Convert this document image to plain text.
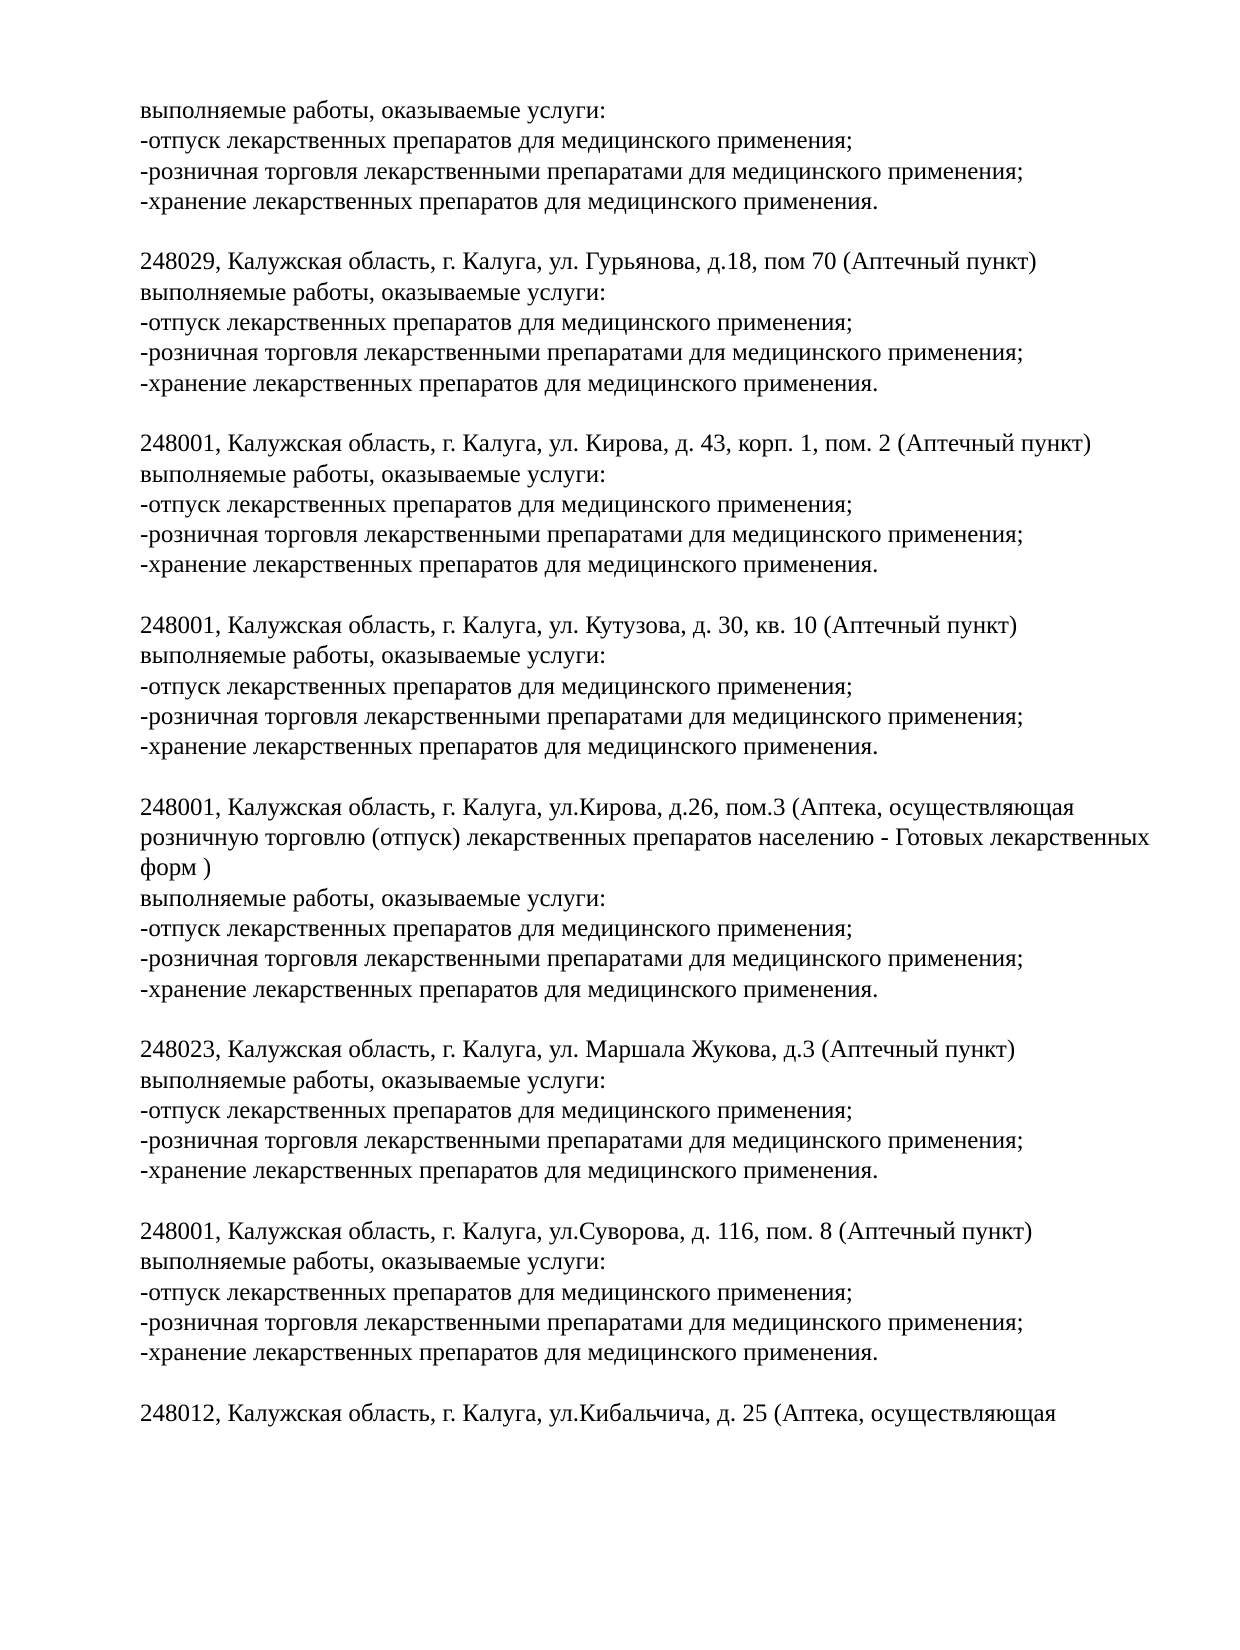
выполняемые работы, оказываемые услуги:
-отпуск лекарственных препаратов для медицинского применения;
-розничная торговля лекарственными препаратами для медицинского применения;
-хранение лекарственных препаратов для медицинского применения.
248029, Калужская область, г. Калуга, ул. Гурьянова, д.18, пом 70 (Аптечный пункт)
выполняемые работы, оказываемые услуги:
-отпуск лекарственных препаратов для медицинского применения;
-розничная торговля лекарственными препаратами для медицинского применения;
-хранение лекарственных препаратов для медицинского применения.
248001, Калужская область, г. Калуга, ул. Кирова, д. 43, корп. 1, пом. 2 (Аптечный пункт)
выполняемые работы, оказываемые услуги:
-отпуск лекарственных препаратов для медицинского применения;
-розничная торговля лекарственными препаратами для медицинского применения;
-хранение лекарственных препаратов для медицинского применения.
248001, Калужская область, г. Калуга, ул. Кутузова, д. 30, кв. 10 (Аптечный пункт)
выполняемые работы, оказываемые услуги:
-отпуск лекарственных препаратов для медицинского применения;
-розничная торговля лекарственными препаратами для медицинского применения;
-хранение лекарственных препаратов для медицинского применения.
248001, Калужская область, г. Калуга, ул.Кирова, д.26, пом.3 (Аптека, осуществляющая
розничную торговлю (отпуск) лекарственных препаратов населению - Готовых лекарственных
форм )
выполняемые работы, оказываемые услуги:
-отпуск лекарственных препаратов для медицинского применения;
-розничная торговля лекарственными препаратами для медицинского применения;
-хранение лекарственных препаратов для медицинского применения.
248023, Калужская область, г. Калуга, ул. Маршала Жукова, д.3 (Аптечный пункт)
выполняемые работы, оказываемые услуги:
-отпуск лекарственных препаратов для медицинского применения;
-розничная торговля лекарственными препаратами для медицинского применения;
-хранение лекарственных препаратов для медицинского применения.
248001, Калужская область, г. Калуга, ул.Суворова, д. 116, пом. 8 (Аптечный пункт)
выполняемые работы, оказываемые услуги:
-отпуск лекарственных препаратов для медицинского применения;
-розничная торговля лекарственными препаратами для медицинского применения;
-хранение лекарственных препаратов для медицинского применения.
248012, Калужская область, г. Калуга, ул.Кибальчича, д. 25 (Аптека, осуществляющая
